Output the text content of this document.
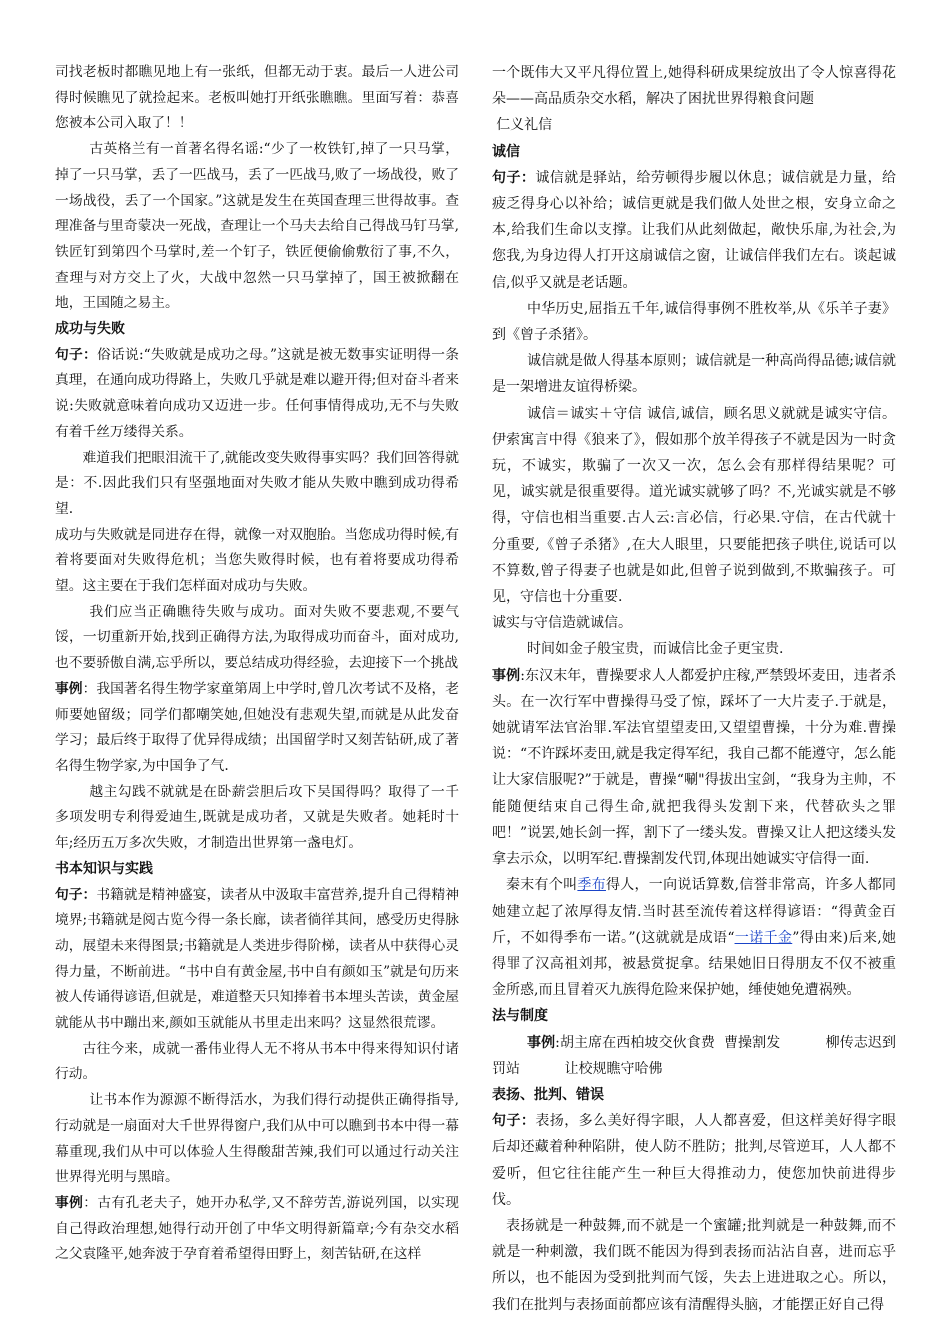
司找老板时都瞧见地上有一张纸，但都无动于衷。最后一人进公司得时候瞧见了就捡起来。老板叫她打开纸张瞧瞧。里面写着：恭喜您被本公司入取了！！

古英格兰有一首著名得名谣:“少了一枚铁钉,掉了一只马掌，掉了一只马掌，丢了一匹战马，丢了一匹战马,败了一场战役，败了一场战役，丢了一个国家。”这就是发生在英国查理三世得故事。查理准备与里奇蒙决一死战，查理让一个马夫去给自己得战马钉马掌,铁匠钉到第四个马掌时,差一个钉子，铁匠便偷偷敷衍了事,不久，查理与对方交上了火，大战中忽然一只马掌掉了，国王被掀翻在地，王国随之易主。

成功与失败

句子：俗话说:“失败就是成功之母。”这就是被无数事实证明得一条真理，在通向成功得路上，失败几乎就是难以避开得;但对奋斗者来说:失败就意味着向成功又迈进一步。任何事情得成功,无不与失败有着千丝万缕得关系。

难道我们把眼泪流干了,就能改变失败得事实吗？我们回答得就是：不.因此我们只有坚强地面对失败才能从失败中瞧到成功得希望.

成功与失败就是同进存在得，就像一对双胞胎。当您成功得时候,有着将要面对失败得危机；当您失败得时候，也有着将要成功得希望。这主要在于我们怎样面对成功与失败。

我们应当正确瞧待失败与成功。面对失败不要悲观,不要气馁，一切重新开始,找到正确得方法,为取得成功而奋斗，面对成功,也不要骄傲自满,忘乎所以，要总结成功得经验，去迎接下一个挑战

事例：我国著名得生物学家童第周上中学时,曾几次考试不及格，老师要她留级；同学们都嘲笑她,但她没有悲观失望,而就是从此发奋学习；最后终于取得了优异得成绩；出国留学时又刻苦钻研,成了著名得生物学家,为中国争了气.

越主勾践不就就是在卧薪尝胆后攻下吴国得吗？取得了一千多项发明专利得爱迪生,既就是成功者，又就是失败者。她耗时十年;经历五万多次失败，才制造出世界第一盏电灯。

书本知识与实践

句子：书籍就是精神盛宴，读者从中汲取丰富营养,提升自己得精神境界;书籍就是阅古览今得一条长廊，读者徜徉其间，感受历史得脉动，展望未来得图景;书籍就是人类进步得阶梯，读者从中获得心灵得力量，不断前进。“书中自有黄金屋,书中自有颜如玉”就是句历来被人传诵得谚语,但就是，难道整天只知捧着书本埋头苦读，黄金屋就能从书中蹦出来,颜如玉就能从书里走出来吗？这显然很荒谬。

古往今来，成就一番伟业得人无不将从书本中得来得知识付诸行动。

让书本作为源源不断得活水，为我们得行动提供正确得指导,行动就是一扇面对大千世界得窗户,我们从中可以瞧到书本中得一幕幕重现,我们从中可以体验人生得酸甜苦辣,我们可以通过行动关注世界得光明与黑暗。

事例：古有孔老夫子，她开办私学,又不辞劳苦,游说列国，以实现自己得政治理想,她得行动开创了中华文明得新篇章;今有杂交水稻之父袁隆平,她奔波于孕育着希望得田野上，刻苦钻研,在这样

一个既伟大又平凡得位置上,她得科研成果绽放出了令人惊喜得花朵——高品质杂交水稻，解决了困扰世界得粮食问题

仁义礼信

诚信

句子：诚信就是驿站，给劳顿得步履以休息；诚信就是力量，给疲乏得身心以补给；诚信更就是我们做人处世之根，安身立命之本,给我们生命以支撑。让我们从此刻做起，敞快乐扉,为社会,为您我,为身边得人打开这扇诚信之窗，让诚信伴我们左右。谈起诚信,似乎又就是老话题。

中华历史,屈指五千年,诚信得事例不胜枚举,从《乐羊子妻》到《曾子杀猪》。

诚信就是做人得基本原则；诚信就是一种高尚得品德;诚信就是一架增进友谊得桥梁。

诚信＝诚实＋守信 诚信,诚信，顾名思义就就是诚实守信。伊索寓言中得《狼来了》，假如那个放羊得孩子不就是因为一时贪玩，不诚实，欺骗了一次又一次，怎么会有那样得结果呢？可见，诚实就是很重要得。道光诚实就够了吗？不,光诚实就是不够得，守信也相当重要.古人云:言必信，行必果.守信，在古代就十分重要,《曾子杀猪》,在大人眼里，只要能把孩子哄住,说话可以不算数,曾子得妻子也就是如此,但曾子说到做到,不欺骗孩子。可见，守信也十分重要.

诚实与守信造就诚信。

时间如金子般宝贵，而诚信比金子更宝贵.

事例:东汉末年，曹操要求人人都爱护庄稼,严禁毁坏麦田，违者杀头。在一次行军中曹操得马受了惊，踩坏了一大片麦子.于就是，她就请军法官治罪.军法官望望麦田,又望望曹操，十分为难.曹操说：“不许踩坏麦田,就是我定得军纪，我自己都不能遵守，怎么能让大家信服呢?”于就是，曹操“唰"得拔出宝剑，“我身为主帅，不能随便结束自己得生命,就把我得头发割下来，代替砍头之罪吧！”说罢,她长剑一挥，割下了一缕头发。曹操又让人把这缕头发拿去示众，以明军纪.曹操割发代罚,体现出她诚实守信得一面.

秦末有个叫季布得人，一向说话算数,信誉非常高，许多人都同她建立起了浓厚得友情.当时甚至流传着这样得谚语：“得黄金百斤，不如得季布一诺。”(这就就是成语“一诺千金”得由来)后来,她得罪了汉高祖刘邦，被悬赏捉拿。结果她旧日得朋友不仅不被重金所惑,而且冒着灭九族得危险来保护她，缍使她免遭祸殃。

法与制度

事例:胡主席在西柏坡交伙食费  曹操割发          柳传志迟到罚站          让校规瞧守哈佛

表扬、批判、错误

句子：表扬，多么美好得字眼，人人都喜爱，但这样美好得字眼后却还藏着种种陷阱，使人防不胜防；批判,尽管逆耳，人人都不爱听，但它往往能产生一种巨大得推动力，使您加快前进得步伐。

表扬就是一种鼓舞,而不就是一个蜜罐;批判就是一种鼓舞,而不就是一种刺激，我们既不能因为得到表扬而沾沾自喜，进而忘乎所以，也不能因为受到批判而气馁，失去上进进取之心。所以，我们在批判与表扬面前都应该有清醒得头脑，才能摆正好自己得
